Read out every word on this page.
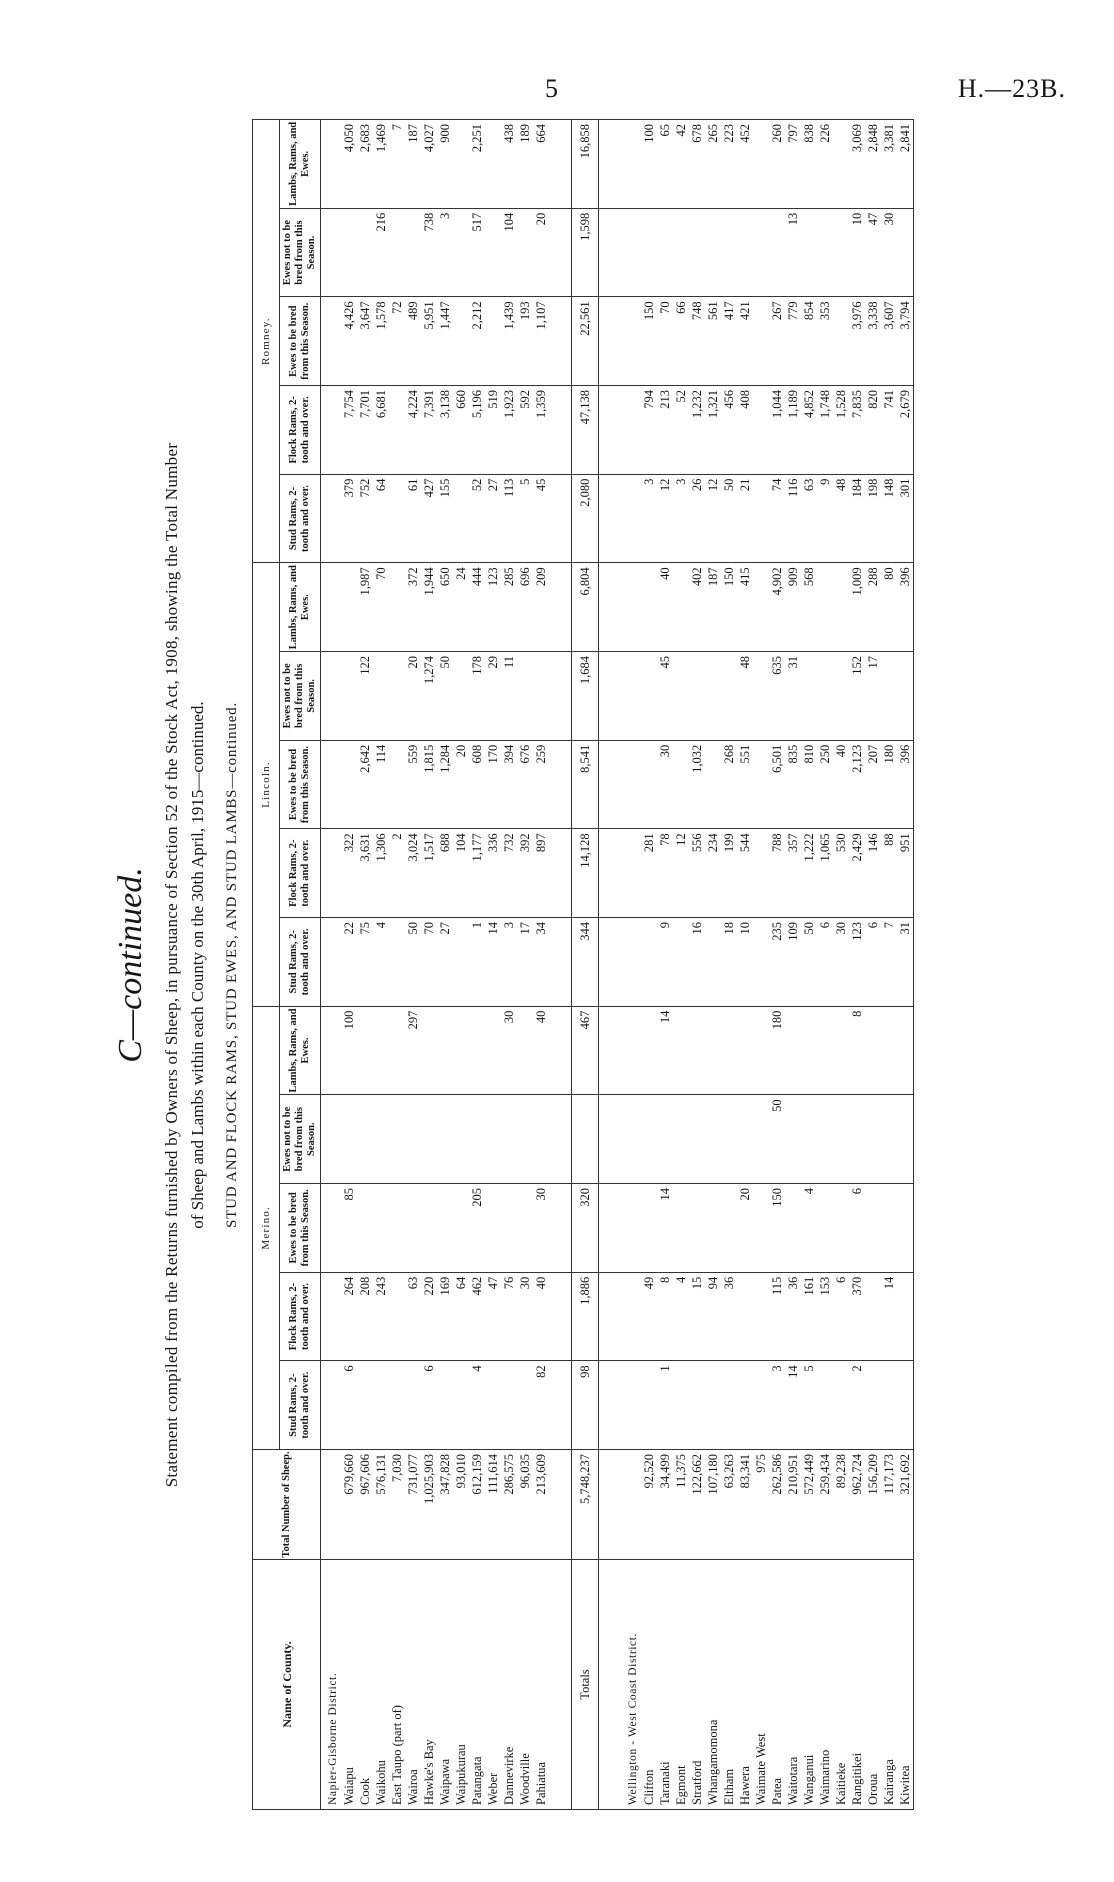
5	H.—23B.
C—continued. Statement compiled from the Returns furnished by Owners of Sheep, in pursuance of Section 52 of the Stock Act, 1908, showing the Total Number of Sheep and Lambs within each County on the 30th April, 1915—continued. STUD AND FLOCK RAMS, STUD EWES, AND STUD LAMBS—continued.
Name of County.	Total Number of Sheep.	Merino.					Lincoln.					Romney.				
		Stud Rams, 2-tooth and over.	Flock Rams, 2-tooth and over.	Ewes to be bred from this Season.	Ewes not to be bred from this Season.	Lambs, Rams, and Ewes.	Stud Rams, 2-tooth and over.	Flock Rams, 2-tooth and over.	Ewes to be bred from this Season.	Ewes not to be bred from this Season.	Lambs, Rams, and Ewes.	Stud Rams, 2-tooth and over.	Flock Rams, 2-tooth and over.	Ewes to be bred from this Season.	Ewes not to be bred from this Season.	Lambs, Rams, and Ewes.
Napier-Gisborne District.																
Waiapu	679,660	6	264	85		100	22	322				379	7,754	4,426		4,050
Cook	967,606		208				75	3,631	2,642	122	1,987	752	7,701	3,647		2,683
Waikohu	576,131		243				4	1,306	114		70	64	6,681	1,578	216	1,469
East Taupo (part of)	7,030							2						72		7
Wairoa	731,077		63			297	50	3,024	559	20	372	61	4,224	489		187
Hawke's Bay	1,025,903	6	220				70	1,517	1,815	1,274	1,944	427	7,391	5,951	738	4,027
Waipawa	347,828		169				27	688	1,284	50	650	155	3,138	1,447	3	900
Waipukurau	93,010		64					104	20		24		660			
Patangata	612,159	4	462	205			1	1,177	608	178	444	52	5,196	2,212	517	2,251
Weber	111,614		47				14	336	170	29	123	27	519			
Dannevirke	286,575		76			30	3	732	394	11	285	113	1,923	1,439	104	438
Woodville	96,035		30				17	392	676		696	5	592	193		189
Pahiatua	213,609	82	40	30		40	34	897	259		209	45	1,359	1,107	20	664

Totals	5,748,237	98	1,886	320		467	344	14,128	8,541	1,684	6,804	2,080	47,138	22,561	1,598	16,858

Wellington - West Coast District.																
Clifton	92,520		49					281				3	794	150		100
Taranaki	34,499	1	8	14		14	9	78	30	45	40	12	213	70		65
Egmont	11,375		4					12				3	52	66		42
Stratford	122,662		15				16	556	1,032		402	26	1,232	748		678
Whangamomona	107,180		94					234			187	12	1,321	561		265
Eltham	63,263		36				18	199	268		150	50	456	417		223
Hawera	83,341			20			10	544	551	48	415	21	408	421		452
Waimate West	975															
Patea	262,586	3	115	150	50	180	235	788	6,501	635	4,902	74	1,044	267		260
Waitotara	210,951	14	36				109	357	835	31	909	116	1,189	779	13	797
Wanganui	572,449	5	161	4			50	1,222	810		568	63	4,852	854		838
Waimarino	259,434		153				6	1,065	250			9	1,748	353		226
Kaitieke	89,238		6				30	530	40			48	1,528			
Rangitikei	962,724	2	370	6		8	123	2,429	2,123	152	1,009	184	7,835	3,976	10	3,069
Oroua	156,209						6	146	207	17	288	198	820	3,338	47	2,848
Kairanga	117,173		14				7	88	180		80	148	741	3,607	30	3,381
Kiwitea	321,692						31	951	396		396	301	2,679	3,794		2,841
